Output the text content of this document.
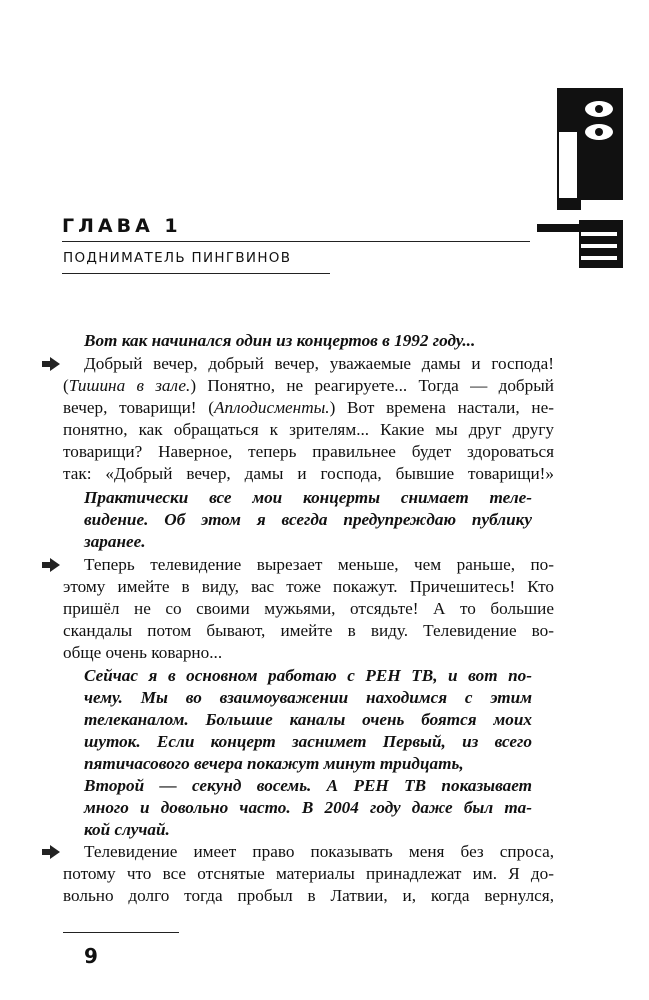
ГЛАВА 1
ПОДНИМАТЕЛЬ ПИНГВИНОВ
Вот как начинался один из концертов в 1992 году...
Добрый вечер, добрый вечер, уважаемые дамы и господа!
(Тишина в зале.) Понятно, не реагируете... Тогда — добрый
вечер, товарищи! (Аплодисменты.) Вот времена настали, не-
понятно, как обращаться к зрителям... Какие мы друг другу
товарищи? Наверное, теперь правильнее будет здороваться
так: «Добрый вечер, дамы и господа, бывшие товарищи!»
Практически все мои концерты снимает теле-
видение. Об этом я всегда предупреждаю публику
заранее.
Теперь телевидение вырезает меньше, чем раньше, по-
этому имейте в виду, вас тоже покажут. Причешитесь! Кто
пришёл не со своими мужьями, отсядьте! А то большие
скандалы потом бывают, имейте в виду. Телевидение во-
обще очень коварно...
Сейчас я в основном работаю с РЕН ТВ, и вот по-
чему. Мы во взаимоуважении находимся с этим
телеканалом. Большие каналы очень боятся моих
шуток. Если концерт заснимет Первый, из всего
пятичасового вечера покажут минут тридцать,
Второй — секунд восемь. А РЕН ТВ показывает
много и довольно часто. В 2004 году даже был та-
кой случай.
Телевидение имеет право показывать меня без спроса,
потому что все отснятые материалы принадлежат им. Я до-
вольно долго тогда пробыл в Латвии, и, когда вернулся,
9
